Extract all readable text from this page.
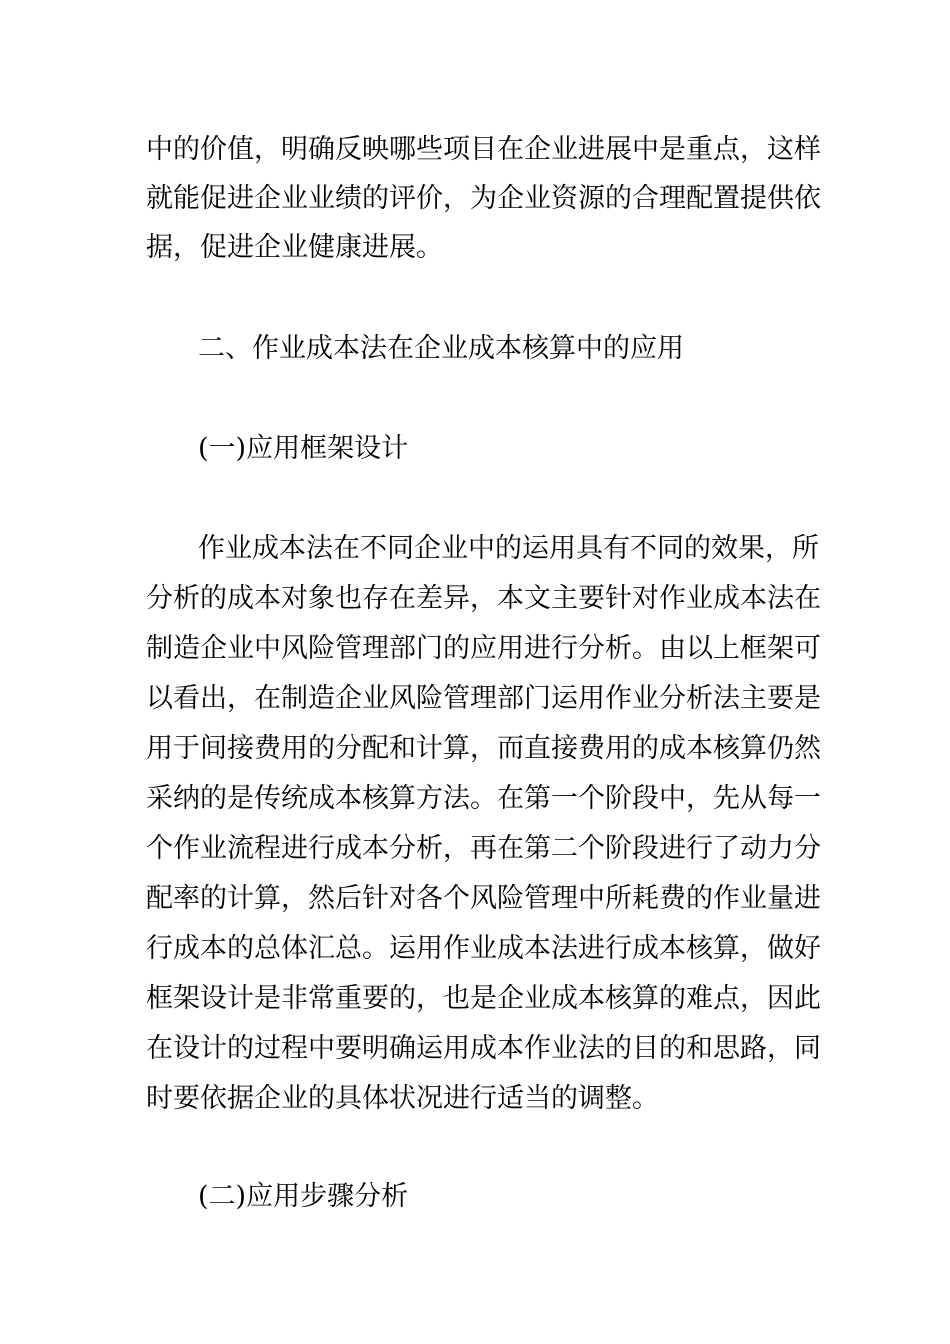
中的价值，明确反映哪些项目在企业进展中是重点，这样

就能促进企业业绩的评价，为企业资源的合理配置提供依

据，促进企业健康进展。

二、作业成本法在企业成本核算中的应用

(一)应用框架设计

作业成本法在不同企业中的运用具有不同的效果，所

分析的成本对象也存在差异，本文主要针对作业成本法在

制造企业中风险管理部门的应用进行分析。由以上框架可

以看出，在制造企业风险管理部门运用作业分析法主要是

用于间接费用的分配和计算，而直接费用的成本核算仍然

采纳的是传统成本核算方法。在第一个阶段中，先从每一

个作业流程进行成本分析，再在第二个阶段进行了动力分

配率的计算，然后针对各个风险管理中所耗费的作业量进

行成本的总体汇总。运用作业成本法进行成本核算，做好

框架设计是非常重要的，也是企业成本核算的难点，因此

在设计的过程中要明确运用成本作业法的目的和思路，同

时要依据企业的具体状况进行适当的调整。

(二)应用步骤分析
